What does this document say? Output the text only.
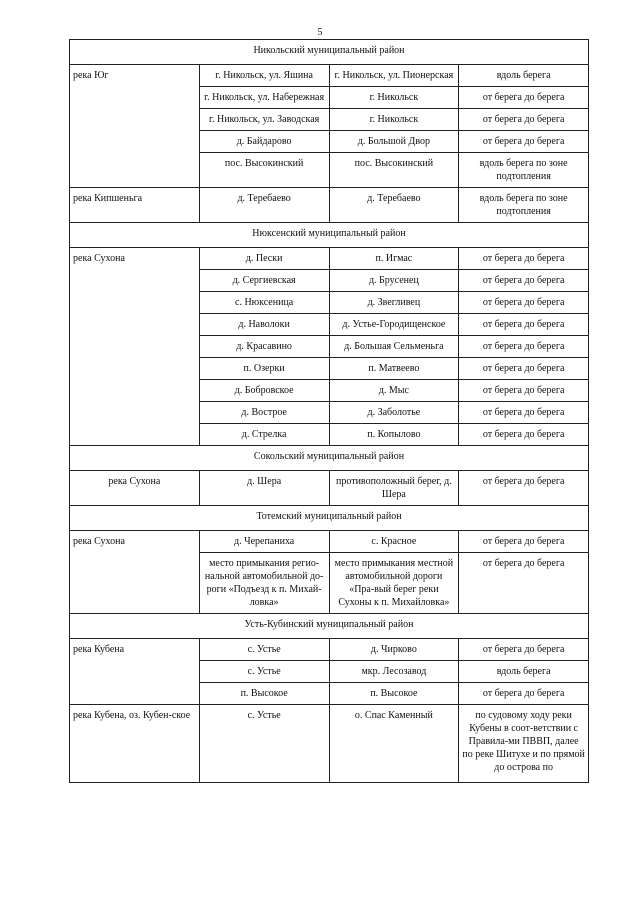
5
Никольский муниципальный район			
река Юг	г. Никольск, ул. Яшина	г. Никольск, ул. Пионерская	вдоль берега
	г. Никольск, ул. Набережная	г. Никольск	от берега до берега
	г. Никольск, ул. Заводская	г. Никольск	от берега до берега
	д. Байдарово	д. Большой Двор	от берега до берега
	пос. Высокинский	пос. Высокинский	вдоль берега по зоне подтопления
река Кипшеньга	д. Теребаево	д. Теребаево	вдоль берега по зоне подтопления
Нюксенский муниципальный район			
река Сухона	д. Пески	п. Игмас	от берега до берега
	д. Сергиевская	д. Брусенец	от берега до берега
	с. Нюксеница	д. Звегливец	от берега до берега
	д. Наволоки	д. Устье-Городищенское	от берега до берега
	д. Красавино	д. Большая Сельменьга	от берега до берега
	п. Озерки	п. Матвеево	от берега до берега
	д. Бобровское	д. Мыс	от берега до берега
	д. Вострое	д. Заболотье	от берега до берега
	д. Стрелка	п. Копылово	от берега до берега
Сокольский муниципальный район			
река Сухона	д. Шера	противоположный берег, д. Шера	от берега до берега
Тотемский муниципальный район			
река Сухона	д. Черепаниха	с. Красное	от берега до берега
	место примыкания регио-нальной автомобильной до-роги «Подъезд к п. Михай-ловка»	место примыкания местной автомобильной дороги «Пра-вый берег реки Сухоны к п. Михайловка»	от берега до берега
Усть-Кубинский муниципальный район			
река Кубена	с. Устье	д. Чирково	от берега до берега
	с. Устье	мкр. Лесозавод	вдоль берега
	п. Высокое	п. Высокое	от берега до берега
река Кубена, оз. Кубен-ское	с. Устье	о. Спас Каменный	по судовому ходу реки Кубены в соот-ветствии с Правила-ми ПВВП, далее по реке Шитухе и по прямой до острова по
